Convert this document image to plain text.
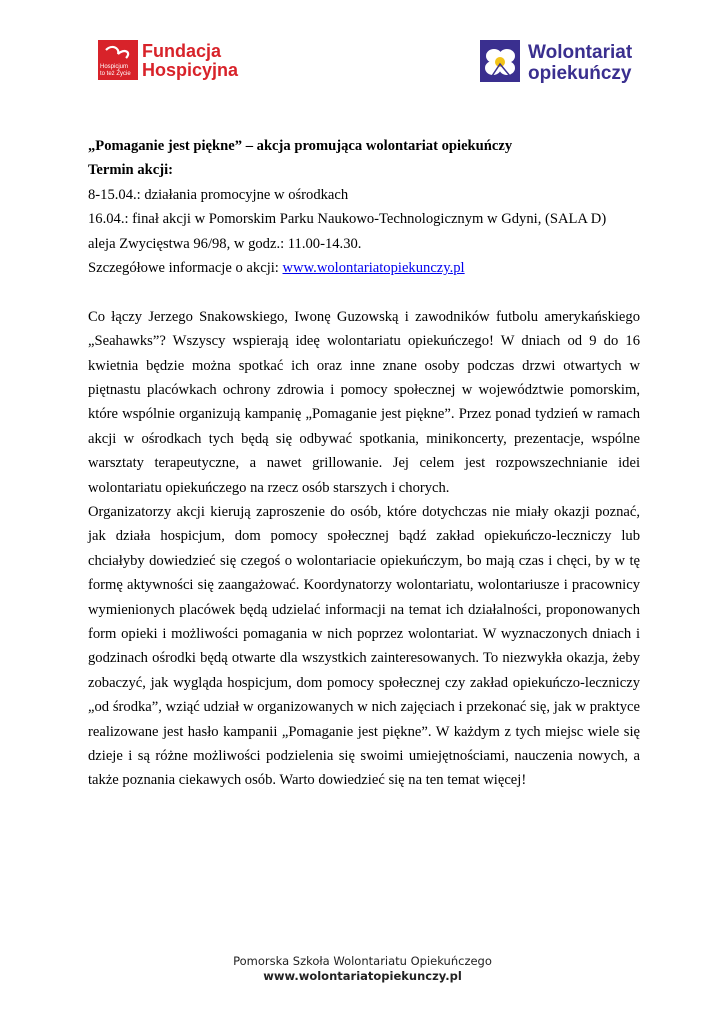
Hospicjum
to też Życie
Fundacja
Hospicyjna
Wolontariat
opiekuńczy
„Pomaganie jest piękne” – akcja promująca wolontariat opiekuńczy
Termin akcji:
8-15.04.: działania promocyjne w ośrodkach
16.04.: finał akcji w Pomorskim Parku Naukowo-Technologicznym w Gdyni, (SALA D)
aleja Zwycięstwa 96/98, w godz.: 11.00-14.30.
Szczegółowe informacje o akcji: www.wolontariatopiekunczy.pl

Co łączy Jerzego Snakowskiego, Iwonę Guzowską i zawodników futbolu amerykańskiego „Seahawks”? Wszyscy wspierają ideę wolontariatu opiekuńczego! W dniach od 9 do 16 kwietnia będzie można spotkać ich oraz inne znane osoby podczas drzwi otwartych w piętnastu placówkach ochrony zdrowia i pomocy społecznej w województwie pomorskim, które wspólnie organizują kampanię „Pomaganie jest piękne”. Przez ponad tydzień w ramach akcji w ośrodkach tych będą się odbywać spotkania, minikoncerty, prezentacje, wspólne warsztaty terapeutyczne, a nawet grillowanie. Jej celem jest rozpowszechnianie idei wolontariatu opiekuńczego na rzecz osób starszych i chorych.

Organizatorzy akcji kierują zaproszenie do osób, które dotychczas nie miały okazji poznać, jak działa hospicjum, dom pomocy społecznej bądź zakład opiekuńczo-leczniczy lub chciałyby dowiedzieć się czegoś o wolontariacie opiekuńczym, bo mają czas i chęci, by w tę formę aktywności się zaangażować. Koordynatorzy wolontariatu, wolontariusze i pracownicy wymienionych placówek będą udzielać informacji na temat ich działalności, proponowanych form opieki i możliwości pomagania w nich poprzez wolontariat. W wyznaczonych dniach i godzinach ośrodki będą otwarte dla wszystkich zainteresowanych. To niezwykła okazja, żeby zobaczyć, jak wygląda hospicjum, dom pomocy społecznej czy zakład opiekuńczo-leczniczy „od środka”, wziąć udział w organizowanych w nich zajęciach i przekonać się, jak w praktyce realizowane jest hasło kampanii „Pomaganie jest piękne”. W każdym z tych miejsc wiele się dzieje i są różne możliwości podzielenia się swoimi umiejętnościami, nauczenia nowych, a także poznania ciekawych osób. Warto dowiedzieć się na ten temat więcej!

Pomorska Szkoła Wolontariatu Opiekuńczego
www.wolontariatopiekunczy.pl
